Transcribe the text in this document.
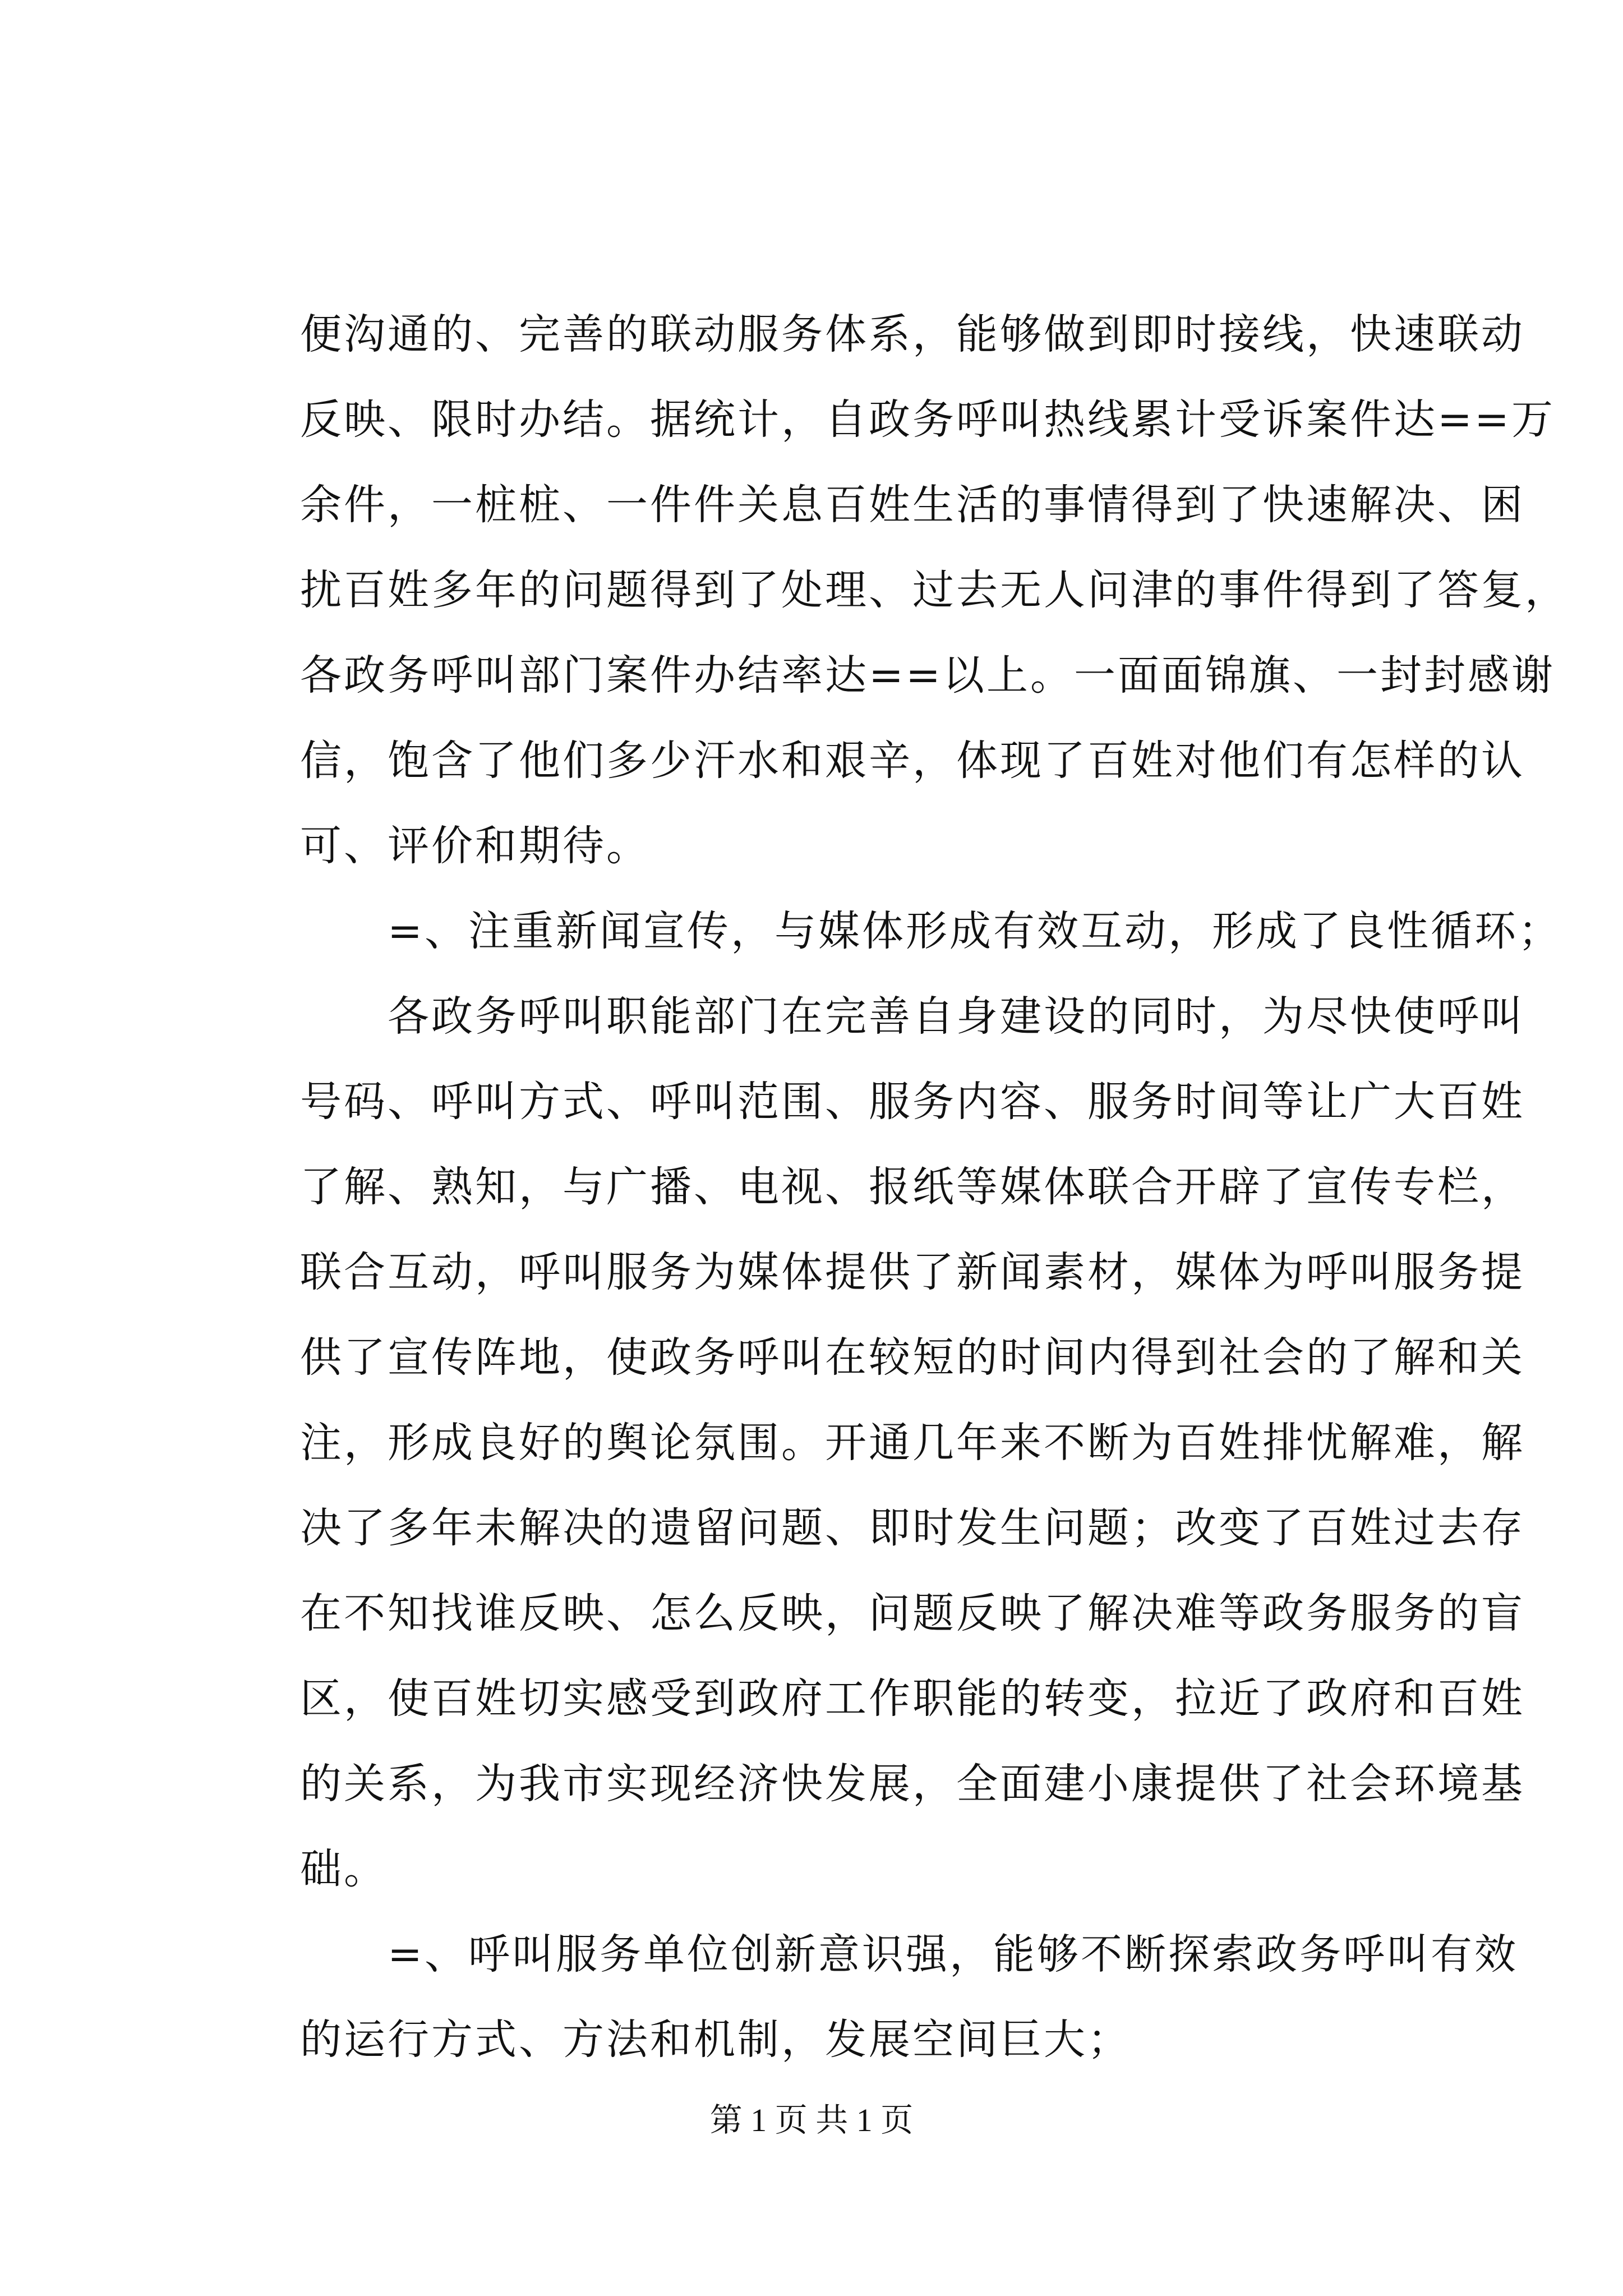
便沟通的、完善的联动服务体系，能够做到即时接线，快速联动
反映、限时办结。据统计，自政务呼叫热线累计受诉案件达==万
余件，一桩桩、一件件关息百姓生活的事情得到了快速解决、困
扰百姓多年的问题得到了处理、过去无人问津的事件得到了答复，
各政务呼叫部门案件办结率达==以上。一面面锦旗、一封封感谢
信，饱含了他们多少汗水和艰辛，体现了百姓对他们有怎样的认
可、评价和期待。
　　=、注重新闻宣传，与媒体形成有效互动，形成了良性循环；
　　各政务呼叫职能部门在完善自身建设的同时，为尽快使呼叫
号码、呼叫方式、呼叫范围、服务内容、服务时间等让广大百姓
了解、熟知，与广播、电视、报纸等媒体联合开辟了宣传专栏，
联合互动，呼叫服务为媒体提供了新闻素材，媒体为呼叫服务提
供了宣传阵地，使政务呼叫在较短的时间内得到社会的了解和关
注，形成良好的舆论氛围。开通几年来不断为百姓排忧解难，解
决了多年未解决的遗留问题、即时发生问题；改变了百姓过去存
在不知找谁反映、怎么反映，问题反映了解决难等政务服务的盲
区，使百姓切实感受到政府工作职能的转变，拉近了政府和百姓
的关系，为我市实现经济快发展，全面建小康提供了社会环境基
础。
　　=、呼叫服务单位创新意识强，能够不断探索政务呼叫有效
的运行方式、方法和机制，发展空间巨大；
第 1 页 共 1 页
